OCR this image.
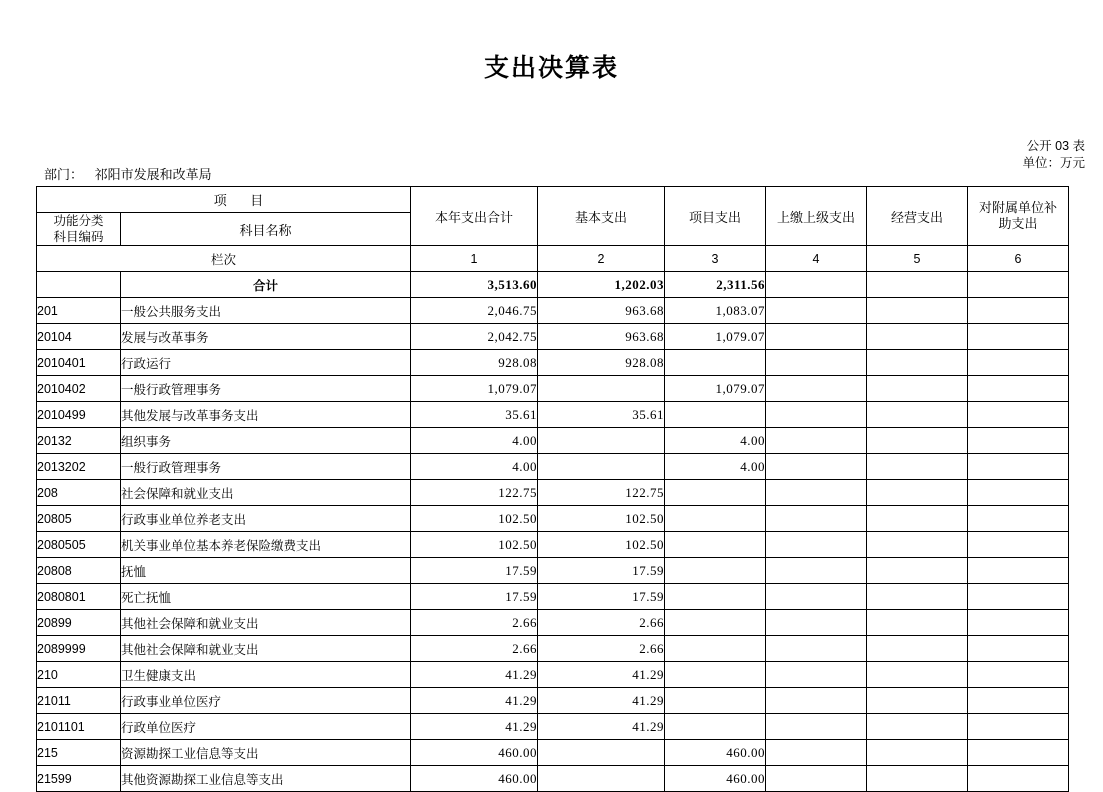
支出决算表
公开 03 表
单位：万元
部门： 祁阳市发展和改革局
项 目		本年支出合计	基本支出	项目支出	上缴上级支出	经营支出	对附属单位补
助支出

功能分类
科目编码	科目名称						
栏次		1	2	3	4	5	6
	合计	3,513.60	1,202.03	2,311.56			
201	一般公共服务支出	2,046.75	963.68	1,083.07			
20104	发展与改革事务	2,042.75	963.68	1,079.07			
2010401	行政运行	928.08	928.08				
2010402	一般行政管理事务	1,079.07		1,079.07			
2010499	其他发展与改革事务支出	35.61	35.61				
20132	组织事务	4.00		4.00			
2013202	一般行政管理事务	4.00		4.00			
208	社会保障和就业支出	122.75	122.75				
20805	行政事业单位养老支出	102.50	102.50				
2080505	机关事业单位基本养老保险缴费支出	102.50	102.50				
20808	抚恤	17.59	17.59				
2080801	死亡抚恤	17.59	17.59				
20899	其他社会保障和就业支出	2.66	2.66				
2089999	其他社会保障和就业支出	2.66	2.66				
210	卫生健康支出	41.29	41.29				
21011	行政事业单位医疗	41.29	41.29				
2101101	行政单位医疗	41.29	41.29				
215	资源勘探工业信息等支出	460.00		460.00			
21599	其他资源勘探工业信息等支出	460.00		460.00			
